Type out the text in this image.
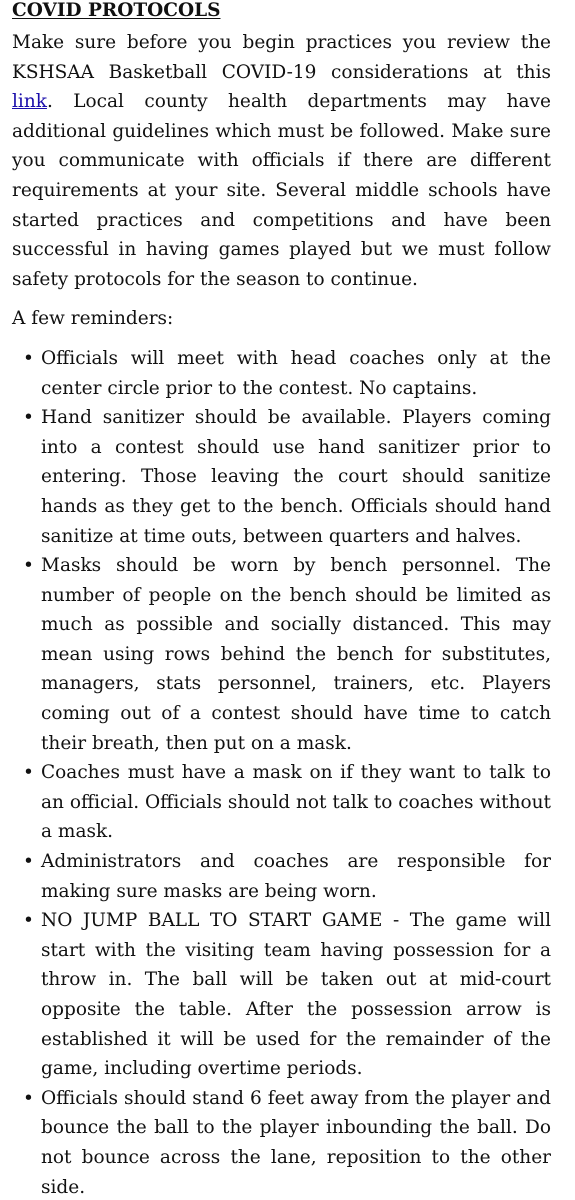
COVID PROTOCOLS

Make sure before you begin practices you review the KSHSAA Basketball COVID-19 considerations at this link. Local county health departments may have additional guidelines which must be followed. Make sure you communicate with officials if there are different requirements at your site. Several middle schools have started practices and competitions and have been successful in having games played but we must follow safety protocols for the season to continue.

A few reminders:

• Officials will meet with head coaches only at the center circle prior to the contest. No captains.
• Hand sanitizer should be available. Players coming into a contest should use hand sanitizer prior to entering. Those leaving the court should sanitize hands as they get to the bench. Officials should hand sanitize at time outs, between quarters and halves.
• Masks should be worn by bench personnel. The number of people on the bench should be limited as much as possible and socially distanced. This may mean using rows behind the bench for substitutes, managers, stats personnel, trainers, etc. Players coming out of a contest should have time to catch their breath, then put on a mask.
• Coaches must have a mask on if they want to talk to an official. Officials should not talk to coaches without a mask.
• Administrators and coaches are responsible for making sure masks are being worn.
• NO JUMP BALL TO START GAME - The game will start with the visiting team having possession for a throw in. The ball will be taken out at mid-court opposite the table. After the possession arrow is established it will be used for the remainder of the game, including overtime periods.
• Officials should stand 6 feet away from the player and bounce the ball to the player inbounding the ball. Do not bounce across the lane, reposition to the other side.
